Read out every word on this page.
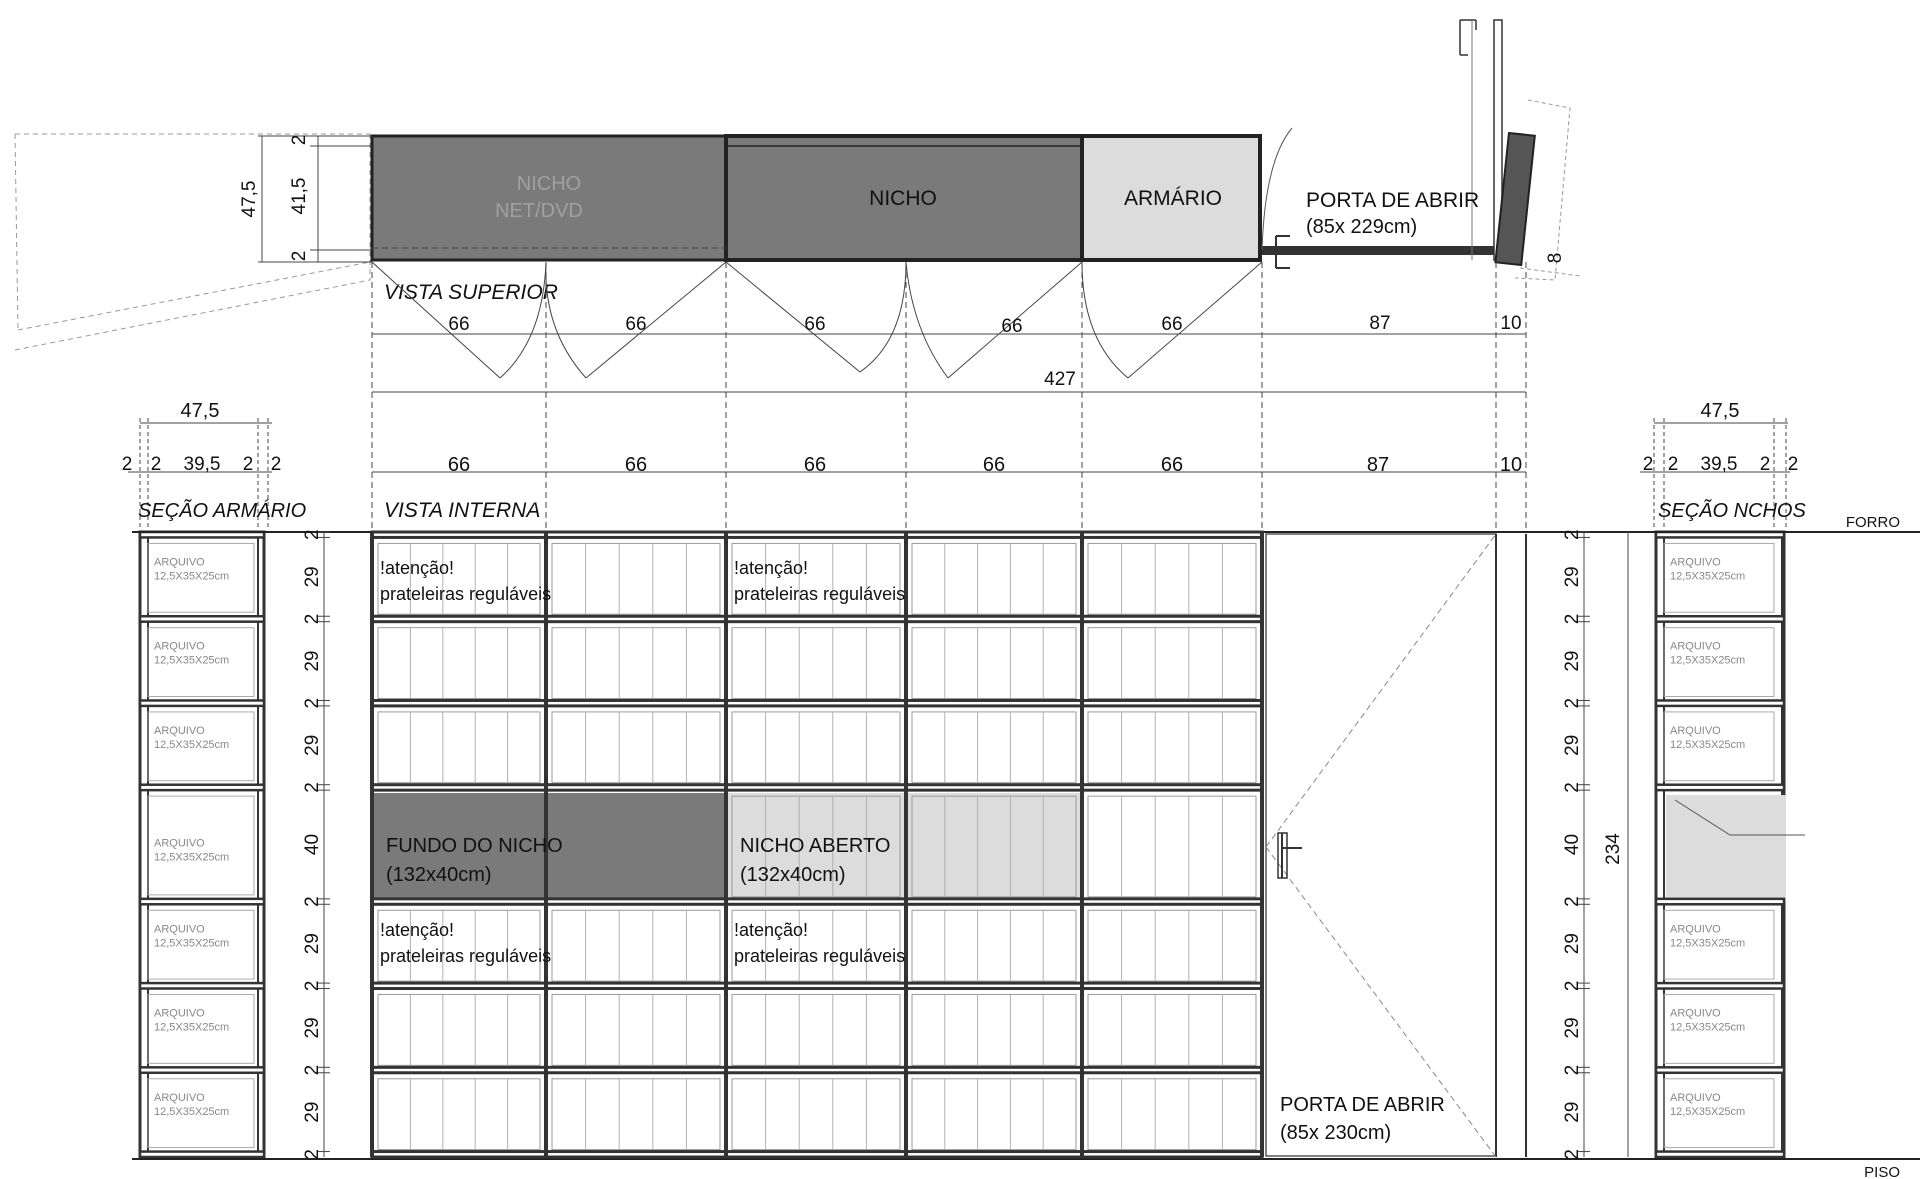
NICHO
NET/DVD
NICHO	ARMÁRIO	PORTA DE ABRIR
(85x 229cm)
VISTA SUPERIOR
47,5 41,5
2
2	8
66	66	66	66	66	87	10
427
66	66	66	66	66	87	10
VISTA INTERNA
47,5
2 2 39,5 2 2
SEÇÃO ARMÁRIO
ARQUIVO
12,5X35X25cm
ARQUIVO
12,5X35X25cm
ARQUIVO
12,5X35X25cm
ARQUIVO
12,5X35X25cm
ARQUIVO
12,5X35X25cm
ARQUIVO
12,5X35X25cm
ARQUIVO
12,5X35X25cm
47,5
2 2 39,5 2 2
SEÇÃO NCHOS
ARQUIVO
12,5X35X25cm
ARQUIVO
12,5X35X25cm
ARQUIVO
12,5X35X25cm
ARQUIVO
12,5X35X25cm
ARQUIVO
12,5X35X25cm
ARQUIVO
12,5X35X25cm
FORRO
PISO
!atenção!
prateleiras reguláveis
!atenção!
prateleiras reguláveis
!atenção!
prateleiras reguláveis
!atenção!
prateleiras reguláveis
FUNDO DO NICHO
(132x40cm)
NICHO ABERTO
(132x40cm)
PORTA DE ABRIR
(85x 230cm)
234
2
29
2
29
2
29
2
40
2
29
2
29
2
29
2
2
29
2
29
2
29
2
40
2
29
2
29
2
29
2
